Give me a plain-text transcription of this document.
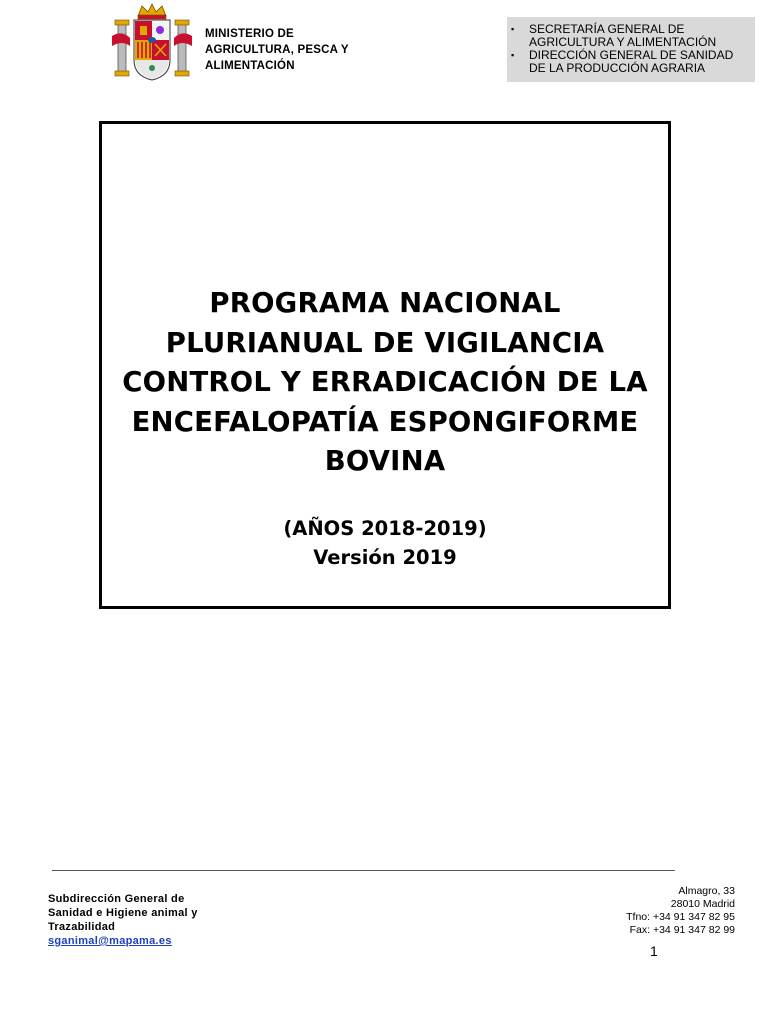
MINISTERIO DE
AGRICULTURA, PESCA Y
ALIMENTACIÓN
▪	SECRETARÍA GENERAL DE
AGRICULTURA Y ALIMENTACIÓN
▪	DIRECCIÓN GENERAL DE SANIDAD
DE LA PRODUCCIÓN AGRARIA
PROGRAMA NACIONAL
PLURIANUAL DE VIGILANCIA
CONTROL Y ERRADICACIÓN DE LA
ENCEFALOPATÍA ESPONGIFORME
BOVINA
(AÑOS 2018-2019)
Versión 2019
Subdirección General de
Sanidad e Higiene animal y
Trazabilidad
sganimal@mapama.es
Almagro, 33
28010 Madrid
Tfno: +34 91 347 82 95
Fax: +34 91 347 82 99
1
